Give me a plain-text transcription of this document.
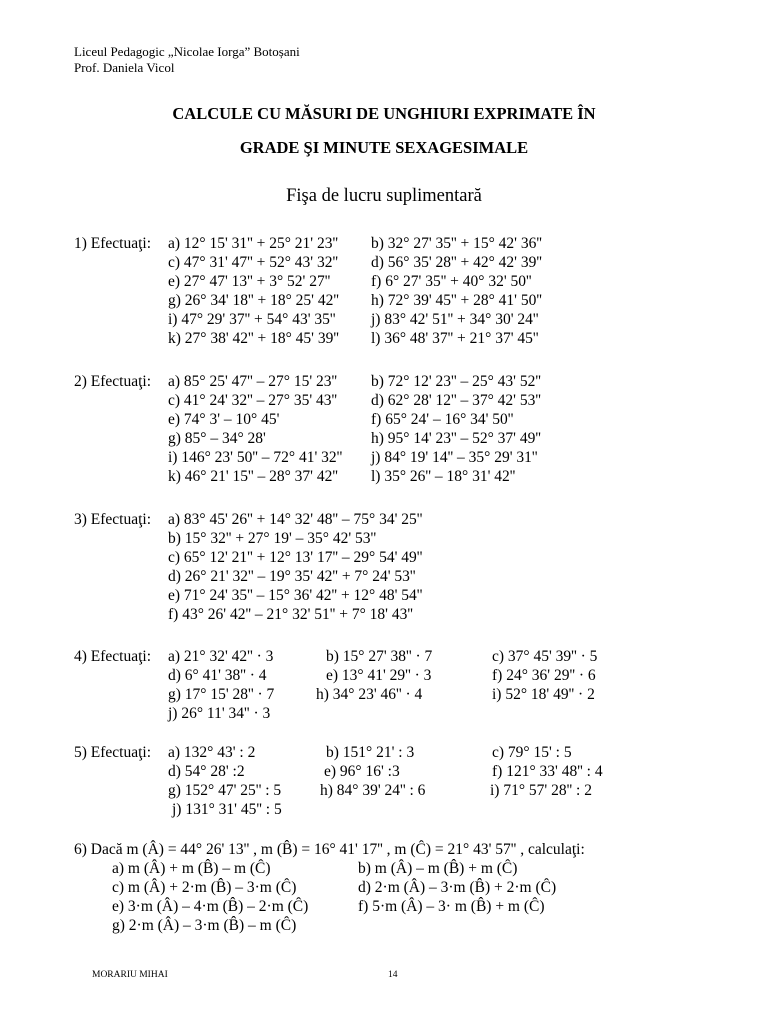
Liceul Pedagogic „Nicolae Iorga” Botoșani
Prof. Daniela Vicol
CALCULE CU MĂSURI DE UNGHIURI EXPRIMATE ÎN
GRADE ŞI MINUTE SEXAGESIMALE
Fişa de lucru suplimentară
1) Efectuaţi: a) 12° 15' 31'' + 25° 21' 23'' b) 32° 27' 35'' + 15° 42' 36''
c) 47° 31' 47'' + 52° 43' 32'' d) 56° 35' 28'' + 42° 42' 39''
e) 27° 47' 13'' + 3° 52' 27''	f) 6° 27' 35'' + 40° 32' 50''
g) 26° 34' 18'' + 18° 25' 42'' h) 72° 39' 45'' + 28° 41' 50''
i) 47° 29' 37'' + 54° 43' 35'' j) 83° 42' 51'' + 34° 30' 24''
k) 27° 38' 42'' + 18° 45' 39'' l) 36° 48' 37'' + 21° 37' 45''
2) Efectuaţi: a) 85° 25' 47'' – 27° 15' 23'' b) 72° 12' 23'' – 25° 43' 52''
c) 41° 24' 32'' – 27° 35' 43'' d) 62° 28' 12'' – 37° 42' 53''
e) 74° 3' – 10° 45'	f) 65° 24' – 16° 34' 50''
g) 85° – 34° 28'	h) 95° 14' 23'' – 52° 37' 49''
i) 146° 23' 50'' – 72° 41' 32'' j) 84° 19' 14'' – 35° 29' 31''
k) 46° 21' 15'' – 28° 37' 42'' l) 35° 26'' – 18° 31' 42''
3) Efectuaţi: a) 83° 45' 26'' + 14° 32' 48'' – 75° 34' 25''
b) 15° 32'' + 27° 19' – 35° 42' 53''
c) 65° 12' 21'' + 12° 13' 17'' – 29° 54' 49''
d) 26° 21' 32'' – 19° 35' 42'' + 7° 24' 53''
e) 71° 24' 35'' – 15° 36' 42'' + 12° 48' 54''
f) 43° 26' 42'' – 21° 32' 51'' + 7° 18' 43''
4) Efectuaţi: a) 21° 32' 42'' · 3	b) 15° 27' 38'' · 7	c) 37° 45' 39'' · 5
d) 6° 41' 38'' · 4	e) 13° 41' 29'' · 3	f) 24° 36' 29'' · 6
g) 17° 15' 28'' · 7	h) 34° 23' 46'' · 4	i) 52° 18' 49'' · 2
j) 26° 11' 34'' · 3
5) Efectuaţi: a) 132° 43' : 2	b) 151° 21' : 3	c) 79° 15' : 5
d) 54° 28' :2	e) 96° 16' :3	f) 121° 33' 48'' : 4
g) 152° 47' 25'' : 5	h) 84° 39' 24'' : 6	i) 71° 57' 28'' : 2
j) 131° 31' 45'' : 5
6) Dacă m (Â) = 44° 26' 13'' , m (B̂) = 16° 41' 17'' , m (Ĉ) = 21° 43' 57'' , calculaţi:
a) m (Â) + m (B̂) – m (Ĉ)	b) m (Â) – m (B̂) + m (Ĉ)
c) m (Â) + 2·m (B̂) – 3·m (Ĉ)	d) 2·m (Â) – 3·m (B̂) + 2·m (Ĉ)
e) 3·m (Â) – 4·m (B̂) – 2·m (Ĉ)	f) 5·m (Â) – 3· m (B̂) + m (Ĉ)
g) 2·m (Â) – 3·m (B̂) – m (Ĉ)
MORARIU MIHAI	14
